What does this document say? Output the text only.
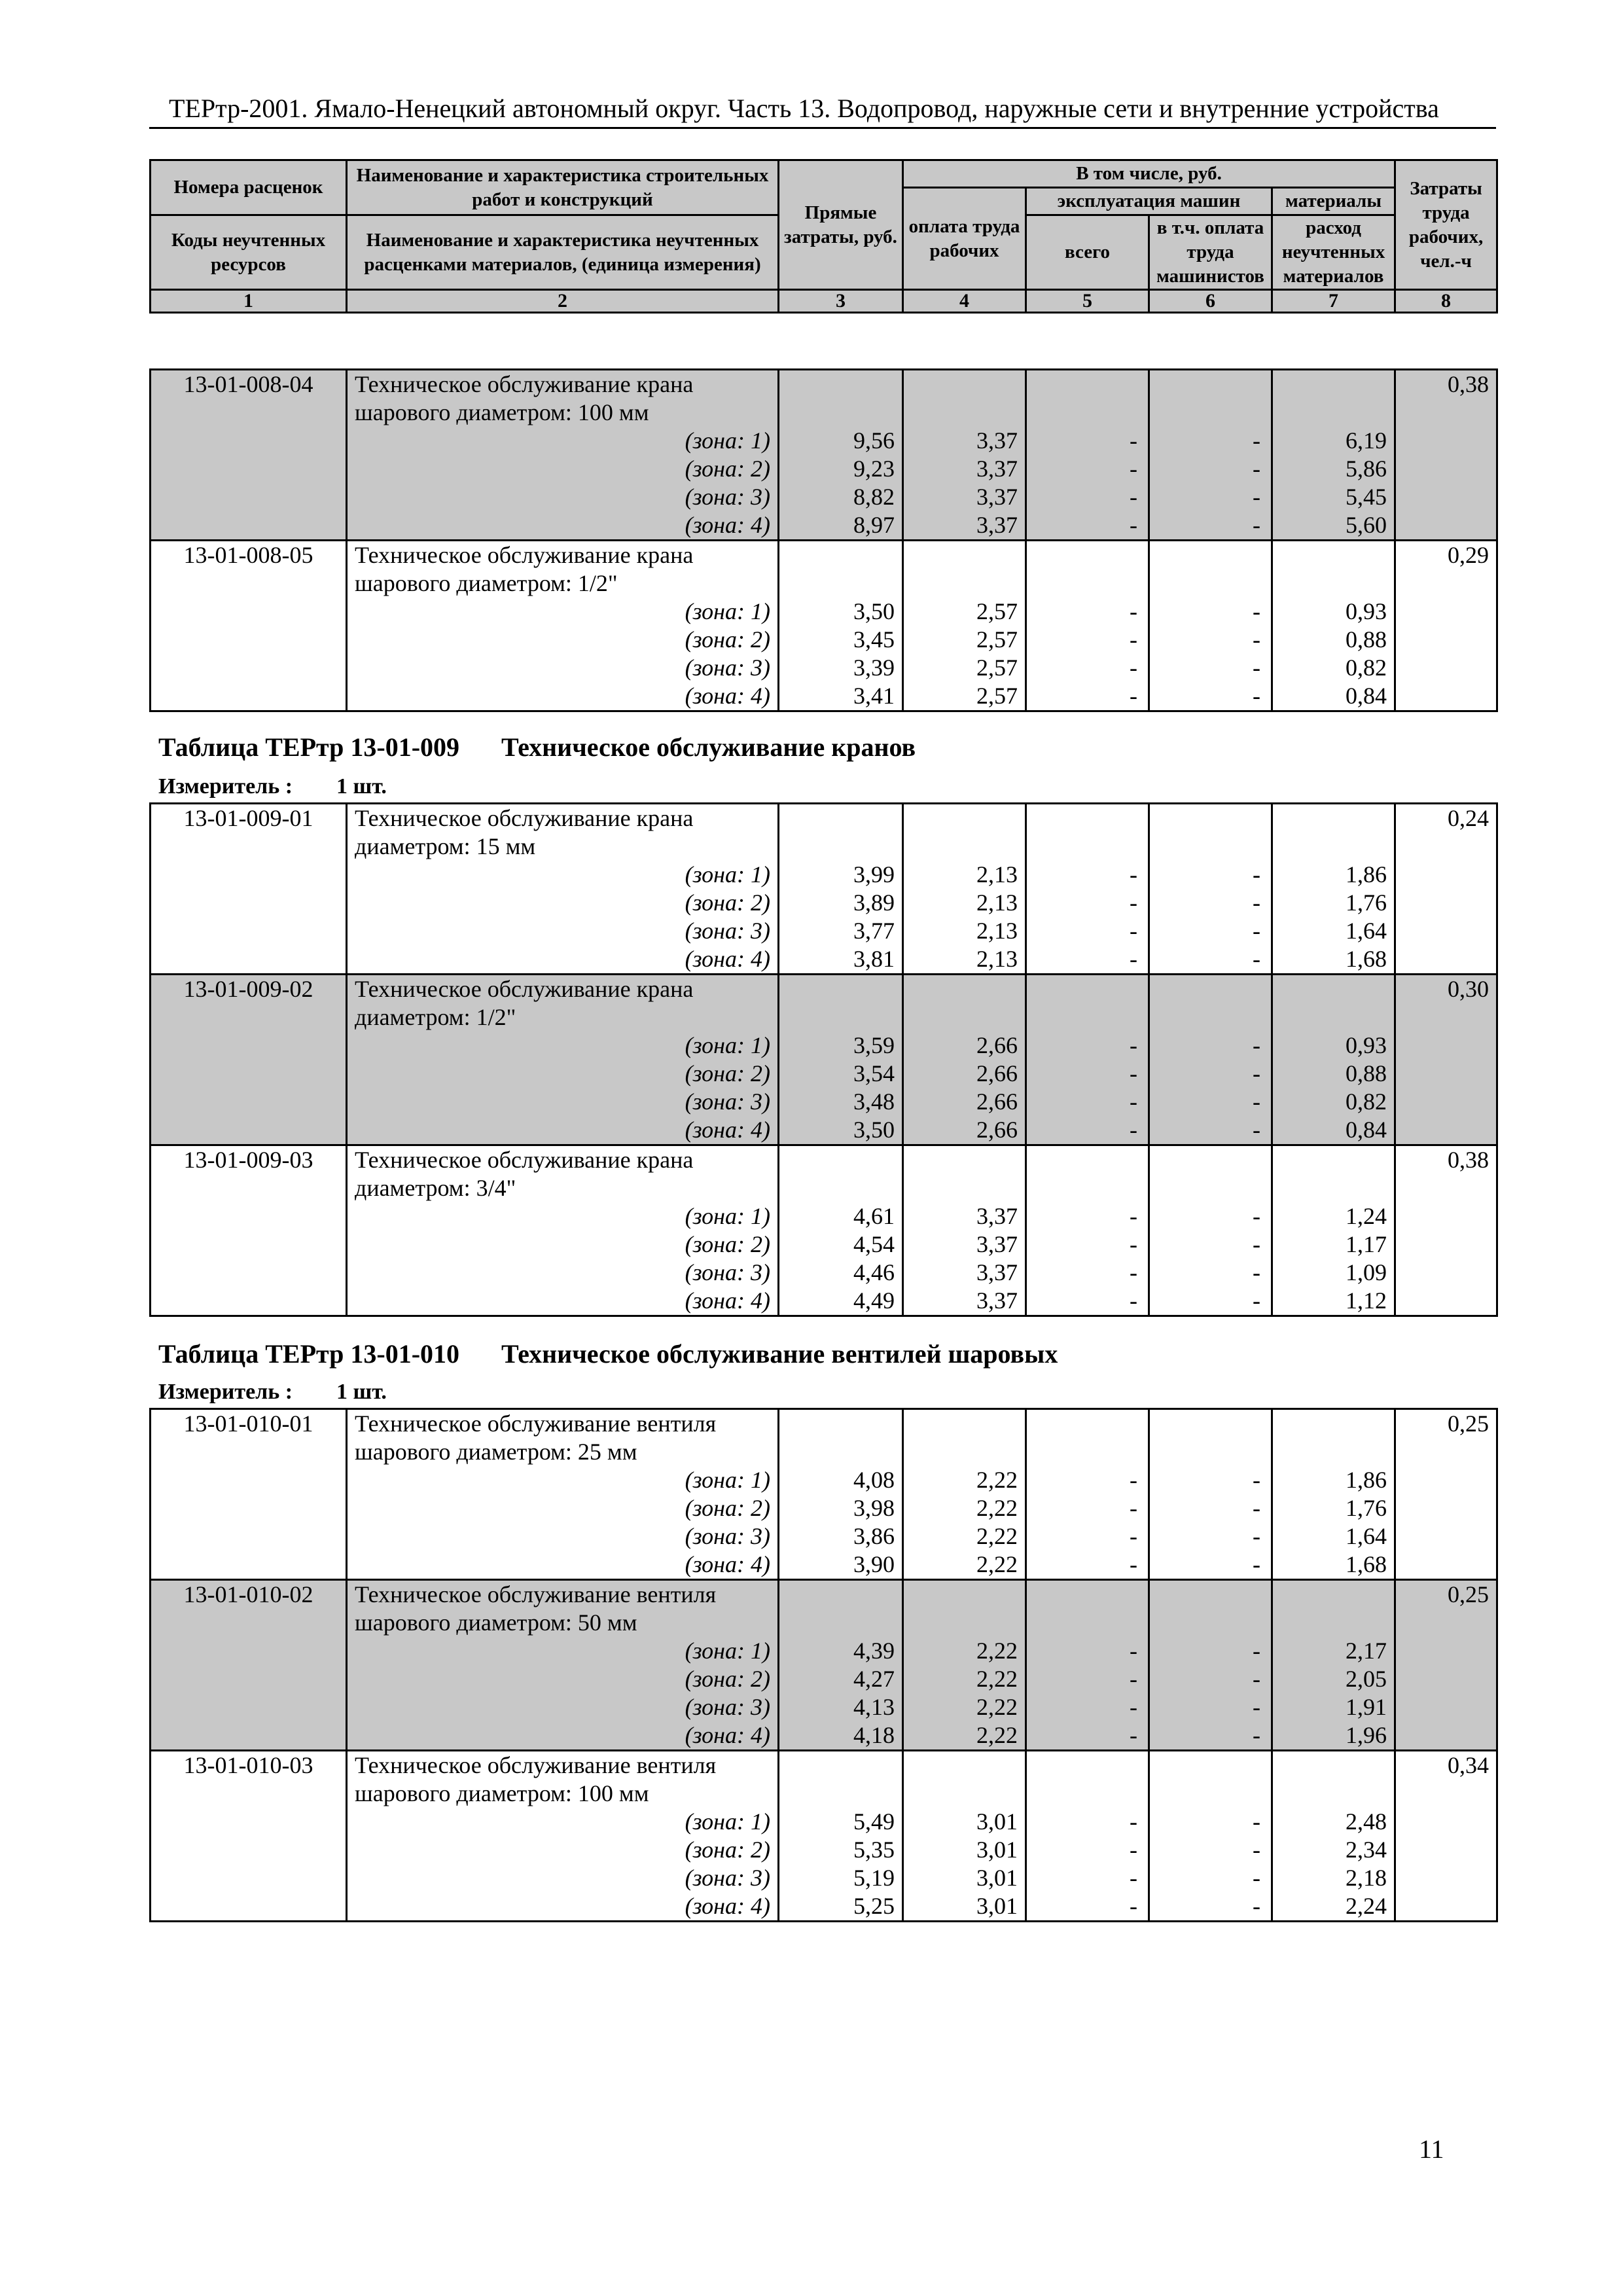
ТЕРтр-2001. Ямало-Ненецкий автономный округ. Часть 13. Водопровод, наружные сети и внутренние устройства
Номера расценок	Наименование и характеристика строительных работ и конструкций	Прямые затраты, руб.	В том числе, руб.				Затраты труда рабочих, чел.-ч
			оплата труда рабочих	эксплуатация машин		материалы	
Коды неучтенных ресурсов	Наименование и характеристика неучтенных расценками материалов, (единица измерения)			всего	в т.ч. оплата труда машинистов	расход неучтенных материалов	

1	2	3	4	5	6	7	8
13-01-008-04	Техническое обслуживание крана						0,38
	шарового диаметром: 100 мм						
	(зона: 1)	9,56	3,37	-	-	6,19	
	(зона: 2)	9,23	3,37	-	-	5,86	
	(зона: 3)	8,82	3,37	-	-	5,45	
	(зона: 4)	8,97	3,37	-	-	5,60	
13-01-008-05	Техническое обслуживание крана						0,29
	шарового диаметром: 1/2"						
	(зона: 1)	3,50	2,57	-	-	0,93	
	(зона: 2)	3,45	2,57	-	-	0,88	
	(зона: 3)	3,39	2,57	-	-	0,82	
	(зона: 4)	3,41	2,57	-	-	0,84	
Таблица ТЕРтр 13-01-009 Техническое обслуживание кранов
Измеритель : 1 шт.
13-01-009-01	Техническое обслуживание крана						0,24
	диаметром: 15 мм						
	(зона: 1)	3,99	2,13	-	-	1,86	
	(зона: 2)	3,89	2,13	-	-	1,76	
	(зона: 3)	3,77	2,13	-	-	1,64	
	(зона: 4)	3,81	2,13	-	-	1,68	
13-01-009-02	Техническое обслуживание крана						0,30
	диаметром: 1/2"						
	(зона: 1)	3,59	2,66	-	-	0,93	
	(зона: 2)	3,54	2,66	-	-	0,88	
	(зона: 3)	3,48	2,66	-	-	0,82	
	(зона: 4)	3,50	2,66	-	-	0,84	
13-01-009-03	Техническое обслуживание крана						0,38
	диаметром: 3/4"						
	(зона: 1)	4,61	3,37	-	-	1,24	
	(зона: 2)	4,54	3,37	-	-	1,17	
	(зона: 3)	4,46	3,37	-	-	1,09	
	(зона: 4)	4,49	3,37	-	-	1,12	
Таблица ТЕРтр 13-01-010 Техническое обслуживание вентилей шаровых
Измеритель : 1 шт.
13-01-010-01	Техническое обслуживание вентиля						0,25
	шарового диаметром: 25 мм						
	(зона: 1)	4,08	2,22	-	-	1,86	
	(зона: 2)	3,98	2,22	-	-	1,76	
	(зона: 3)	3,86	2,22	-	-	1,64	
	(зона: 4)	3,90	2,22	-	-	1,68	
13-01-010-02	Техническое обслуживание вентиля						0,25
	шарового диаметром: 50 мм						
	(зона: 1)	4,39	2,22	-	-	2,17	
	(зона: 2)	4,27	2,22	-	-	2,05	
	(зона: 3)	4,13	2,22	-	-	1,91	
	(зона: 4)	4,18	2,22	-	-	1,96	
13-01-010-03	Техническое обслуживание вентиля						0,34
	шарового диаметром: 100 мм						
	(зона: 1)	5,49	3,01	-	-	2,48	
	(зона: 2)	5,35	3,01	-	-	2,34	
	(зона: 3)	5,19	3,01	-	-	2,18	
	(зона: 4)	5,25	3,01	-	-	2,24	
11
